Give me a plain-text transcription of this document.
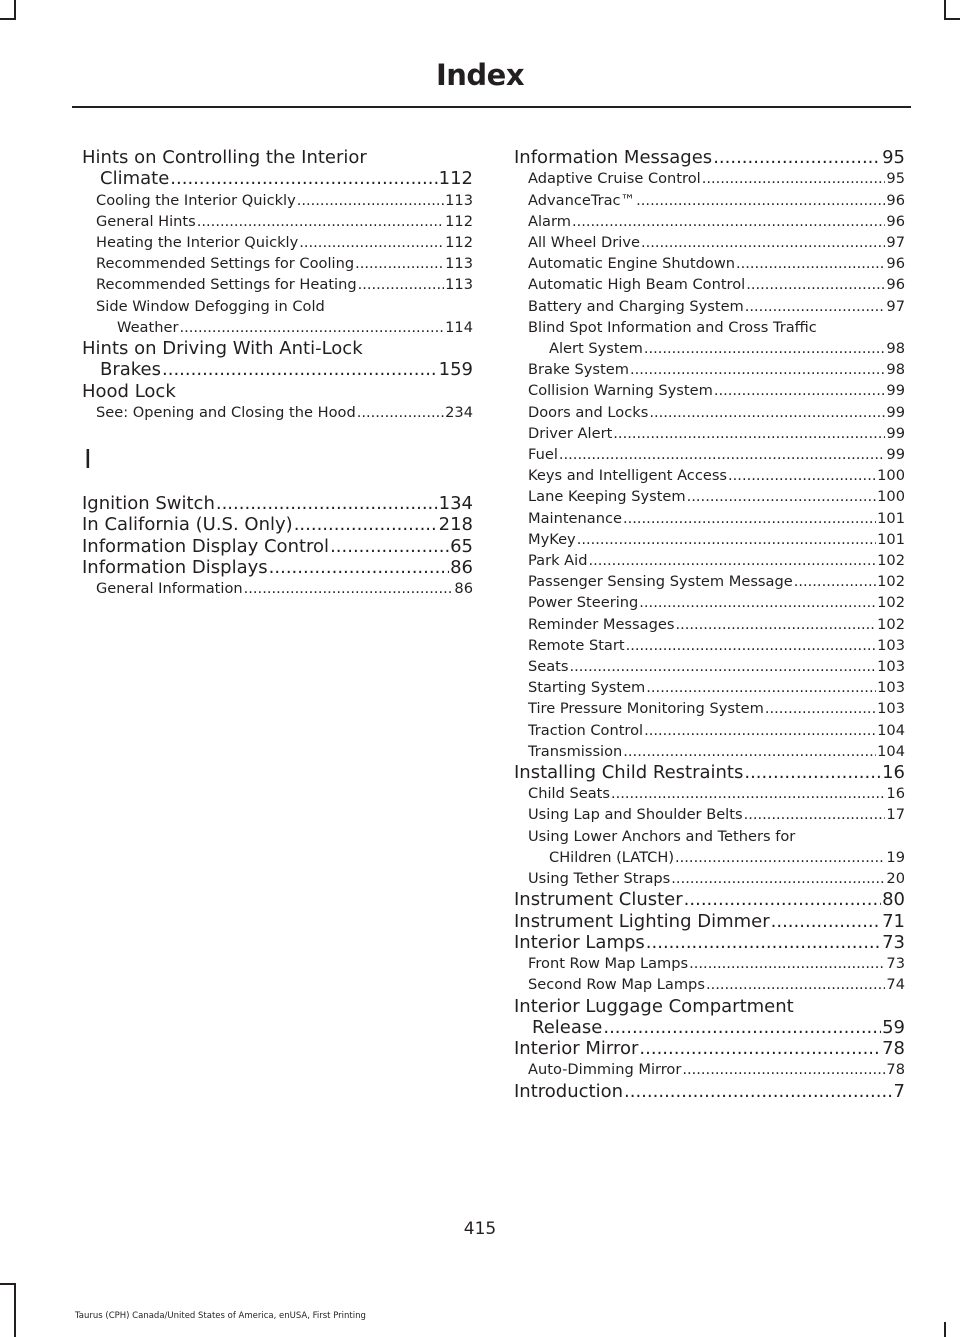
Index
Hints on Controlling the Interior
Climate .....	112
Cooling the Interior Quickly .....	113
General Hints .....	112
Heating the Interior Quickly .....	112
Recommended Settings for Cooling .....	113
Recommended Settings for Heating .....	113
Side Window Defogging in Cold
Weather .....	114
Hints on Driving With Anti-Lock
Brakes .....	159
Hood Lock
See: Opening and Closing the Hood .....	234
I
Ignition Switch .....	134
In California (U.S. Only) .....	218
Information Display Control .....	65
Information Displays .....	86
General Information .....	86
Information Messages .....	95
Adaptive Cruise Control .....	95
AdvanceTrac™ .....	96
Alarm .....	96
All Wheel Drive .....	97
Automatic Engine Shutdown .....	96
Automatic High Beam Control .....	96
Battery and Charging System .....	97
Blind Spot Information and Cross Traffic
Alert System .....	98
Brake System .....	98
Collision Warning System .....	99
Doors and Locks .....	99
Driver Alert .....	99
Fuel .....	99
Keys and Intelligent Access .....	100
Lane Keeping System .....	100
Maintenance .....	101
MyKey .....	101
Park Aid .....	102
Passenger Sensing System Message .....	102
Power Steering .....	102
Reminder Messages .....	102
Remote Start .....	103
Seats .....	103
Starting System .....	103
Tire Pressure Monitoring System .....	103
Traction Control .....	104
Transmission .....	104
Installing Child Restraints .....	16
Child Seats .....	16
Using Lap and Shoulder Belts .....	17
Using Lower Anchors and Tethers for
CHildren (LATCH) .....	19
Using Tether Straps .....	20
Instrument Cluster .....	80
Instrument Lighting Dimmer .....	71
Interior Lamps .....	73
Front Row Map Lamps .....	73
Second Row Map Lamps .....	74
Interior Luggage Compartment
Release .....	59
Interior Mirror .....	78
Auto-Dimming Mirror .....	78
Introduction .....	7
415
Taurus (CPH) Canada/United States of America, enUSA, First Printing
